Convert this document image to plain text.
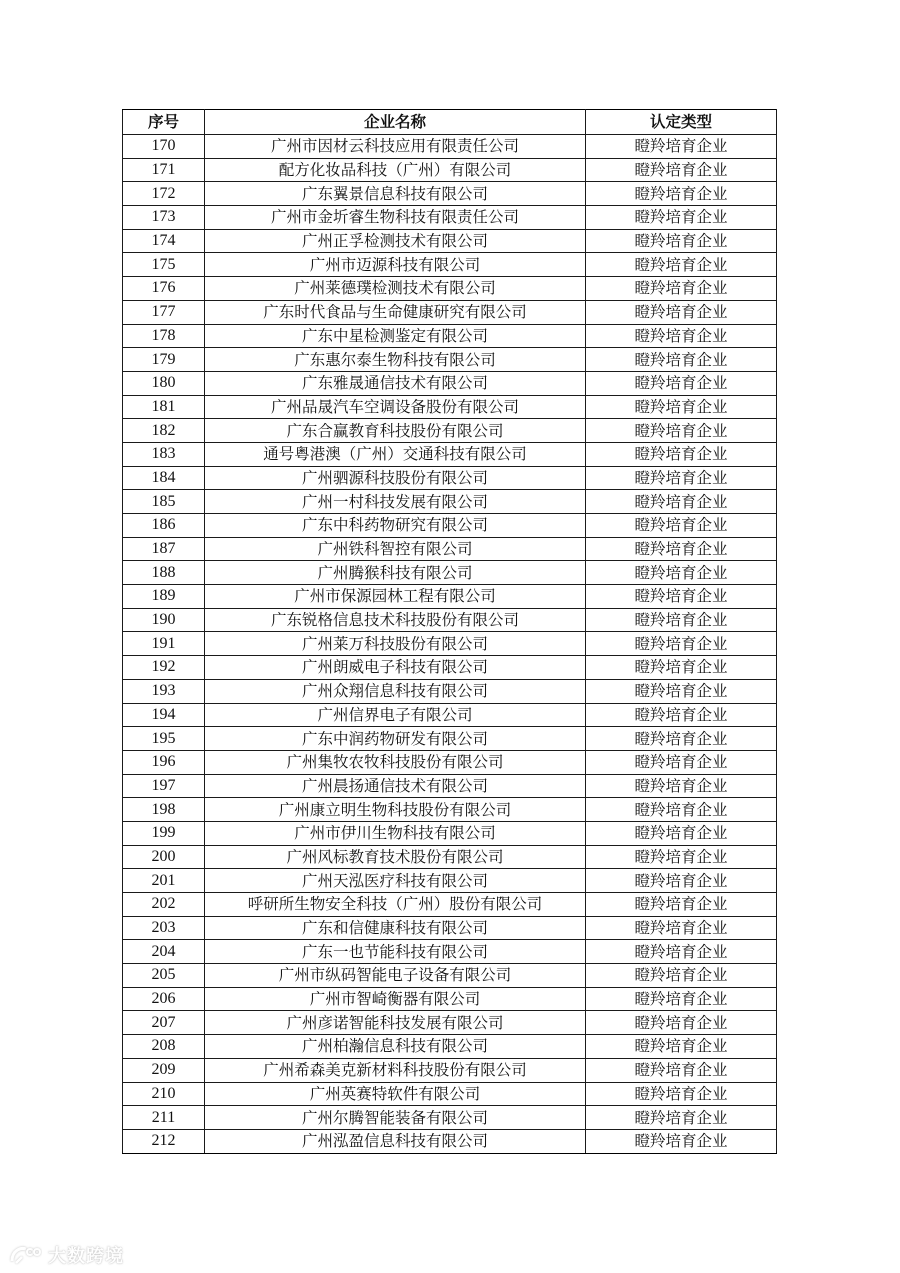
序号	企业名称	认定类型
170	广州市因材云科技应用有限责任公司	瞪羚培育企业
171	配方化妆品科技（广州）有限公司	瞪羚培育企业
172	广东翼景信息科技有限公司	瞪羚培育企业
173	广州市金圻睿生物科技有限责任公司	瞪羚培育企业
174	广州正孚检测技术有限公司	瞪羚培育企业
175	广州市迈源科技有限公司	瞪羚培育企业
176	广州莱德璞检测技术有限公司	瞪羚培育企业
177	广东时代食品与生命健康研究有限公司	瞪羚培育企业
178	广东中星检测鉴定有限公司	瞪羚培育企业
179	广东惠尔泰生物科技有限公司	瞪羚培育企业
180	广东雅晟通信技术有限公司	瞪羚培育企业
181	广州品晟汽车空调设备股份有限公司	瞪羚培育企业
182	广东合赢教育科技股份有限公司	瞪羚培育企业
183	通号粤港澳（广州）交通科技有限公司	瞪羚培育企业
184	广州驷源科技股份有限公司	瞪羚培育企业
185	广州一村科技发展有限公司	瞪羚培育企业
186	广东中科药物研究有限公司	瞪羚培育企业
187	广州铁科智控有限公司	瞪羚培育企业
188	广州腾猴科技有限公司	瞪羚培育企业
189	广州市保源园林工程有限公司	瞪羚培育企业
190	广东锐格信息技术科技股份有限公司	瞪羚培育企业
191	广州莱万科技股份有限公司	瞪羚培育企业
192	广州朗威电子科技有限公司	瞪羚培育企业
193	广州众翔信息科技有限公司	瞪羚培育企业
194	广州信界电子有限公司	瞪羚培育企业
195	广东中润药物研发有限公司	瞪羚培育企业
196	广州集牧农牧科技股份有限公司	瞪羚培育企业
197	广州晨扬通信技术有限公司	瞪羚培育企业
198	广州康立明生物科技股份有限公司	瞪羚培育企业
199	广州市伊川生物科技有限公司	瞪羚培育企业
200	广州风标教育技术股份有限公司	瞪羚培育企业
201	广州天泓医疗科技有限公司	瞪羚培育企业
202	呼研所生物安全科技（广州）股份有限公司	瞪羚培育企业
203	广东和信健康科技有限公司	瞪羚培育企业
204	广东一也节能科技有限公司	瞪羚培育企业
205	广州市纵码智能电子设备有限公司	瞪羚培育企业
206	广州市智崎衡器有限公司	瞪羚培育企业
207	广州彦诺智能科技发展有限公司	瞪羚培育企业
208	广州柏瀚信息科技有限公司	瞪羚培育企业
209	广州希森美克新材料科技股份有限公司	瞪羚培育企业
210	广州英赛特软件有限公司	瞪羚培育企业
211	广州尔腾智能装备有限公司	瞪羚培育企业
212	广州泓盈信息科技有限公司	瞪羚培育企业
大数跨境
